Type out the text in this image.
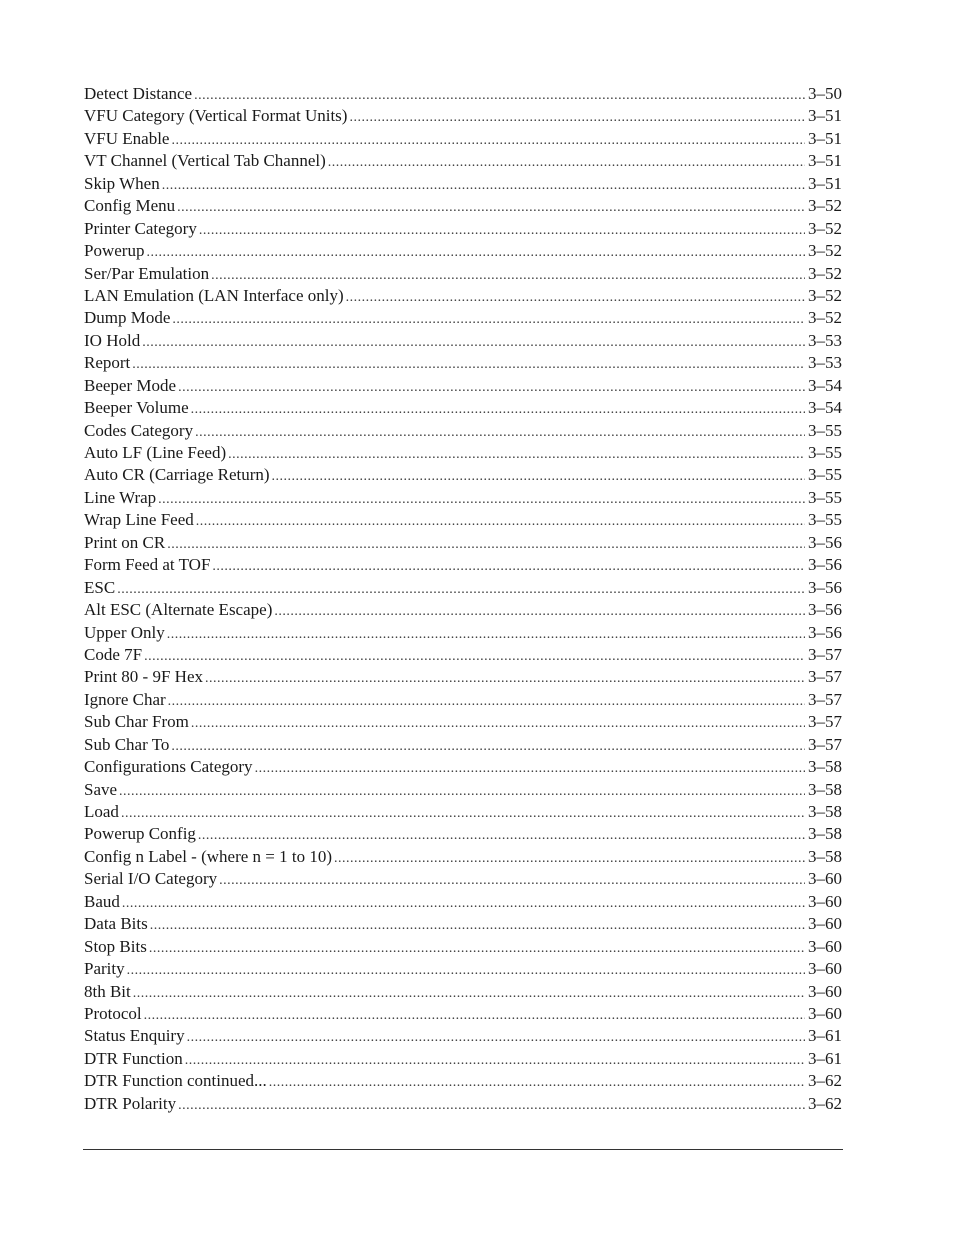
Detect Distance .....	3–50
VFU Category (Vertical Format Units) .....	3–51
VFU Enable .....	3–51
VT Channel (Vertical Tab Channel) .....	3–51
Skip When .....	3–51
Config Menu .....	3–52
Printer Category .....	3–52
Powerup .....	3–52
Ser/Par Emulation .....	3–52
LAN Emulation (LAN Interface only) .....	3–52
Dump Mode .....	3–52
IO Hold .....	3–53
Report .....	3–53
Beeper Mode .....	3–54
Beeper Volume .....	3–54
Codes Category .....	3–55
Auto LF (Line Feed) .....	3–55
Auto CR (Carriage Return) .....	3–55
Line Wrap .....	3–55
Wrap Line Feed .....	3–55
Print on CR .....	3–56
Form Feed at TOF .....	3–56
ESC .....	3–56
Alt ESC (Alternate Escape) .....	3–56
Upper Only .....	3–56
Code 7F .....	3–57
Print 80 - 9F Hex .....	3–57
Ignore Char .....	3–57
Sub Char From .....	3–57
Sub Char To .....	3–57
Configurations Category .....	3–58
Save .....	3–58
Load .....	3–58
Powerup Config .....	3–58
Config n Label - (where n = 1 to 10) .....	3–58
Serial I/O Category .....	3–60
Baud .....	3–60
Data Bits .....	3–60
Stop Bits .....	3–60
Parity .....	3–60
8th Bit .....	3–60
Protocol .....	3–60
Status Enquiry .....	3–61
DTR Function .....	3–61
DTR Function continued... .....	3–62
DTR Polarity .....	3–62
